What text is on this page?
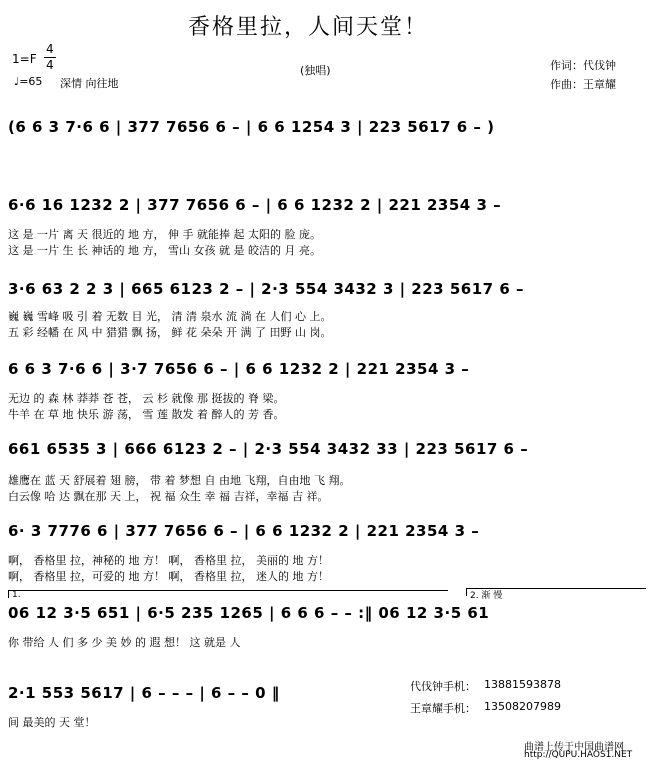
香格里拉，人间天堂！
1=F
4
4
♩=65 深情 向往地
(独唱)	作词：代伐钟
作曲：王章耀
(6 6 3 7·6 6 | 377 7656 6 – | 6 6 1254 3 | 223 5617 6 – )
6·6 16 1232 2 | 377 7656 6 – | 6 6 1232 2 | 221 2354 3 –
这 是 一片 离 天 很近的 地 方， 伸 手 就能捧 起 太阳的 脸 庞。
这 是 一片 生 长 神话的 地 方， 雪山 女孩 就 是 皎洁的 月 亮。
3·6 63 2 2 3 | 665 6123 2 – | 2·3 554 3432 3 | 223 5617 6 –
巍 巍 雪峰 吸 引 着 无数 目 光， 清 清 泉水 流 淌 在 人们 心 上。
五 彩 经幡 在 风 中 猎猎 飘 扬， 鲜 花 朵朵 开 满 了 田野 山 岗。
6 6 3 7·6 6 | 3·7 7656 6 – | 6 6 1232 2 | 221 2354 3 –
无边 的 森 林 莽莽 苍 苍， 云 杉 就像 那 挺拔的 脊 梁。
牛羊 在 草 地 快乐 游 荡， 雪 莲 散发 着 醉人的 芳 香。
661 6535 3 | 666 6123 2 – | 2·3 554 3432 33 | 223 5617 6 –
雄鹰在 蓝 天 舒展着 翅 膀， 带 着 梦想 自 由地 飞翔，自由地 飞 翔。
白云像 哈 达 飘在那 天 上， 祝 福 众生 幸 福 吉祥，幸福 吉 祥。
6· 3 7776 6 | 377 7656 6 – | 6 6 1232 2 | 221 2354 3 –
啊， 香格里 拉，神秘的 地 方！ 啊， 香格里 拉， 美丽的 地 方！
啊， 香格里 拉，可爱的 地 方！ 啊， 香格里 拉， 迷人的 地 方！
1.	2. 渐 慢
06 12 3·5 651 | 6·5 235 1265 | 6 6 6 – – :‖ 06 12 3·5 61
你 带给 人 们 多 少 美 妙 的 遐 想！ 这 就是 人
2·1 553 5617 | 6 – – – | 6 – – 0 ‖
间 最美的 天 堂！
代伐钟手机： 13881593878
王章耀手机： 13508207989
曲谱上传于中国曲谱网
http://QUPU.HAOS1.NET
